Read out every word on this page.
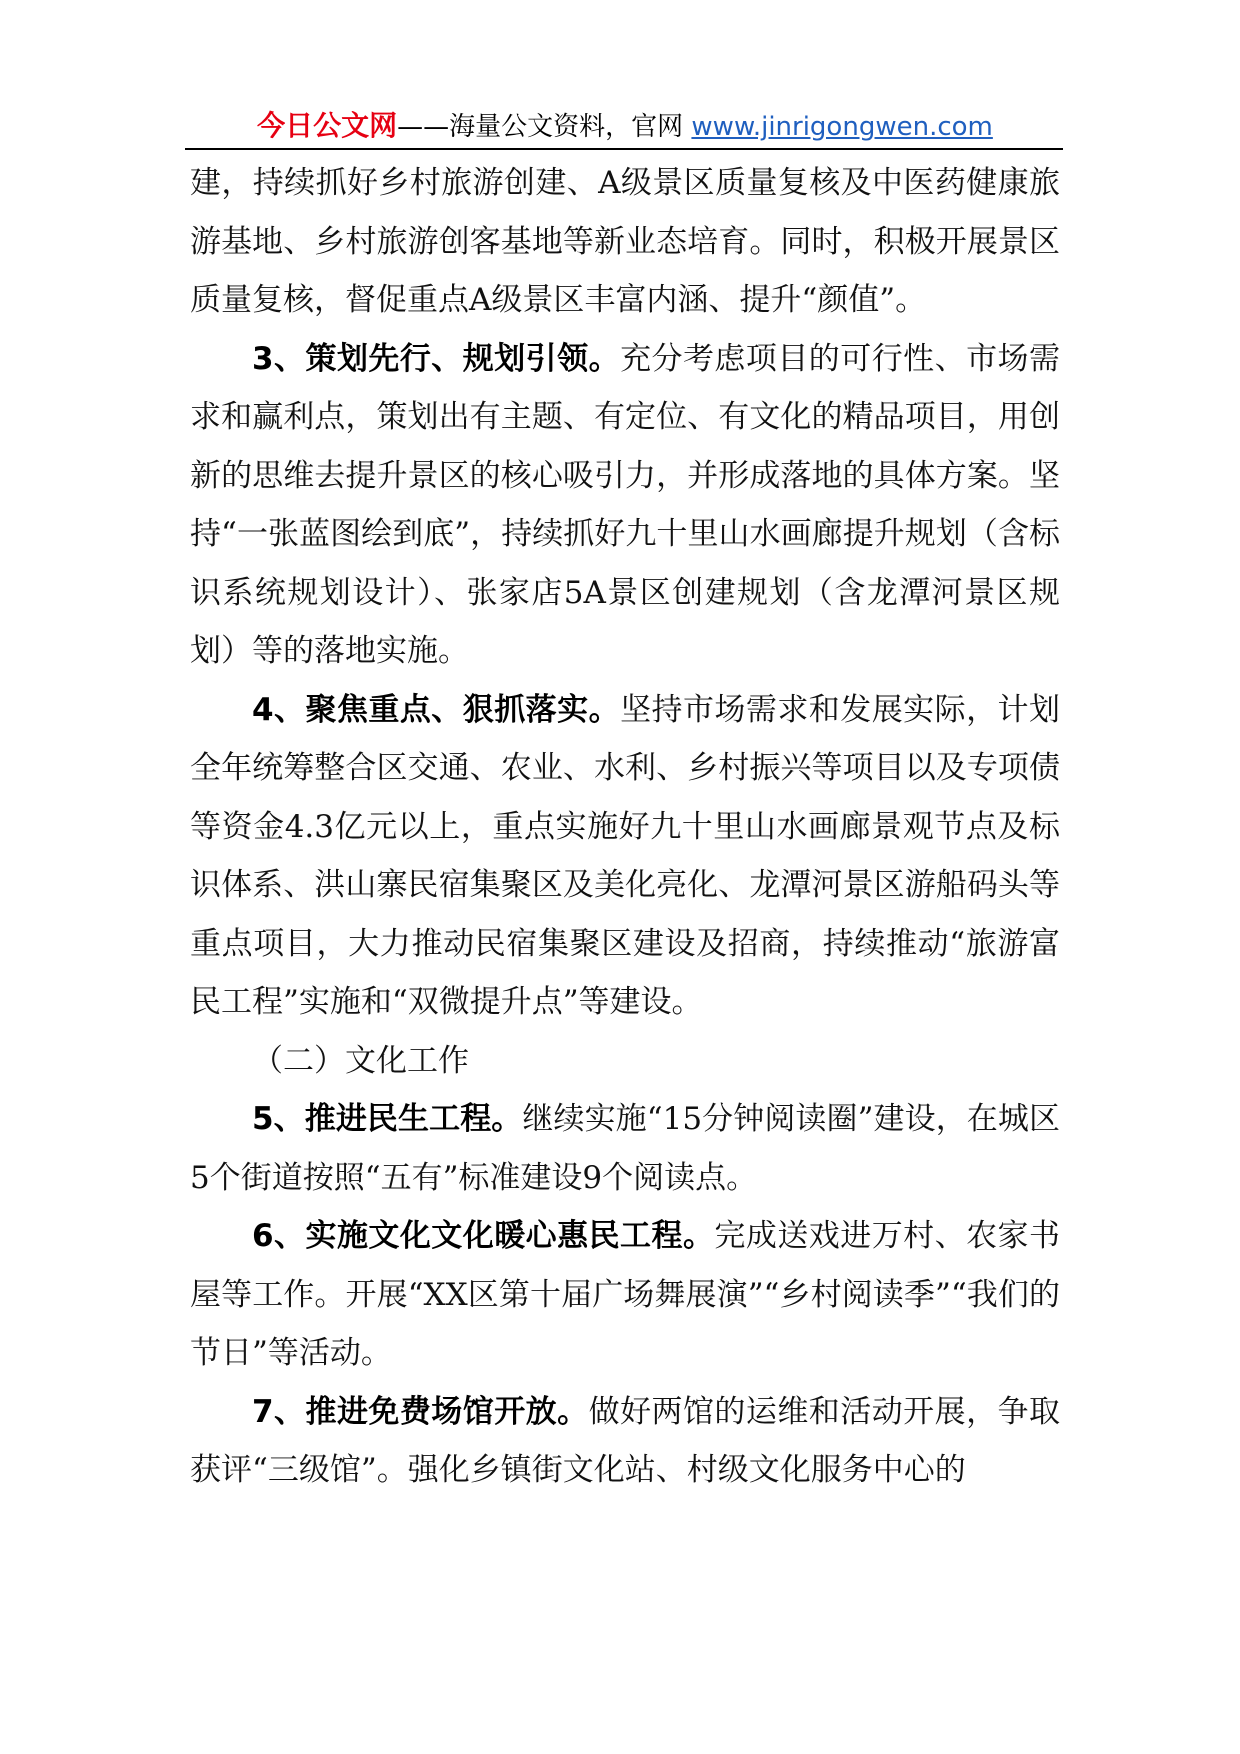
今日公文网——海量公文资料，官网 www.jinrigongwen.com

建，持续抓好乡村旅游创建、A级景区质量复核及中医药健康旅游基地、乡村旅游创客基地等新业态培育。同时，积极开展景区质量复核，督促重点A级景区丰富内涵、提升“颜值”。

3、策划先行、规划引领。充分考虑项目的可行性、市场需求和赢利点，策划出有主题、有定位、有文化的精品项目，用创新的思维去提升景区的核心吸引力，并形成落地的具体方案。坚持“一张蓝图绘到底”，持续抓好九十里山水画廊提升规划（含标识系统规划设计）、张家店5A景区创建规划（含龙潭河景区规划）等的落地实施。

4、聚焦重点、狠抓落实。坚持市场需求和发展实际，计划全年统筹整合区交通、农业、水利、乡村振兴等项目以及专项债等资金4.3亿元以上，重点实施好九十里山水画廊景观节点及标识体系、洪山寨民宿集聚区及美化亮化、龙潭河景区游船码头等重点项目，大力推动民宿集聚区建设及招商，持续推动“旅游富民工程”实施和“双微提升点”等建设。

（二）文化工作

5、推进民生工程。继续实施“15分钟阅读圈”建设，在城区5个街道按照“五有”标准建设9个阅读点。

6、实施文化文化暖心惠民工程。完成送戏进万村、农家书屋等工作。开展“XX区第十届广场舞展演”“乡村阅读季”“我们的节日”等活动。

7、推进免费场馆开放。做好两馆的运维和活动开展，争取获评“三级馆”。强化乡镇街文化站、村级文化服务中心的
